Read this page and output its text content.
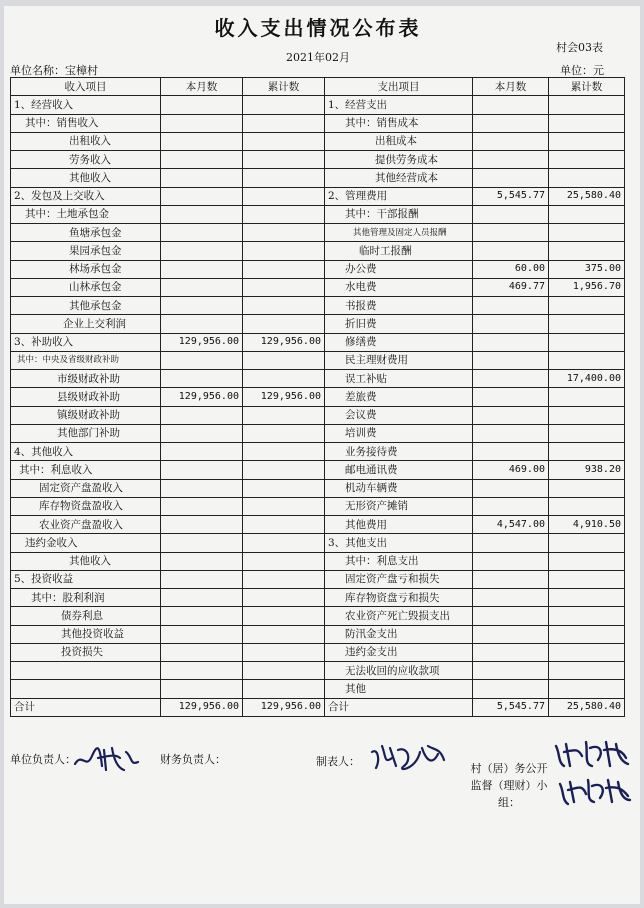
收入支出情况公布表
村会03表
2021年02月
单位名称：宝樟村	单位：元
收入项目	本月数	累计数	支出项目	本月数	累计数
1、经营收入			1、经营支出		
其中：销售收入			其中：销售成本		
出租收入			出租成本		
劳务收入			提供劳务成本		
其他收入			其他经营成本		
2、发包及上交收入			2、管理费用	5,545.77	25,580.40
其中：土地承包金			其中：干部报酬		
鱼塘承包金			其他管理及固定人员报酬		
果园承包金			临时工报酬		
林场承包金			办公费	60.00	375.00
山林承包金			水电费	469.77	1,956.70
其他承包金			书报费		
企业上交利润			折旧费		
3、补助收入	129,956.00	129,956.00	修缮费		
其中：中央及省级财政补助			民主理财费用		
市级财政补助			误工补贴		17,400.00
县级财政补助	129,956.00	129,956.00	差旅费		
镇级财政补助			会议费		
其他部门补助			培训费		
4、其他收入			业务接待费		
其中：利息收入			邮电通讯费	469.00	938.20
固定资产盘盈收入			机动车辆费		
库存物资盘盈收入			无形资产摊销		
农业资产盘盈收入			其他费用	4,547.00	4,910.50
违约金收入			3、其他支出		
其他收入			其中：利息支出		
5、投资收益			固定资产盘亏和损失		
其中：股利利润			库存物资盘亏和损失		
债券利息			农业资产死亡毁损支出		
其他投资收益			防汛金支出		
投资损失			违约金支出		
			无法收回的应收款项		
			其他		
合计	129,956.00	129,956.00	合计	5,545.77	25,580.40
单位负责人：	财务负责人：	制表人：
村（居）务公开监督（理财）小组：
